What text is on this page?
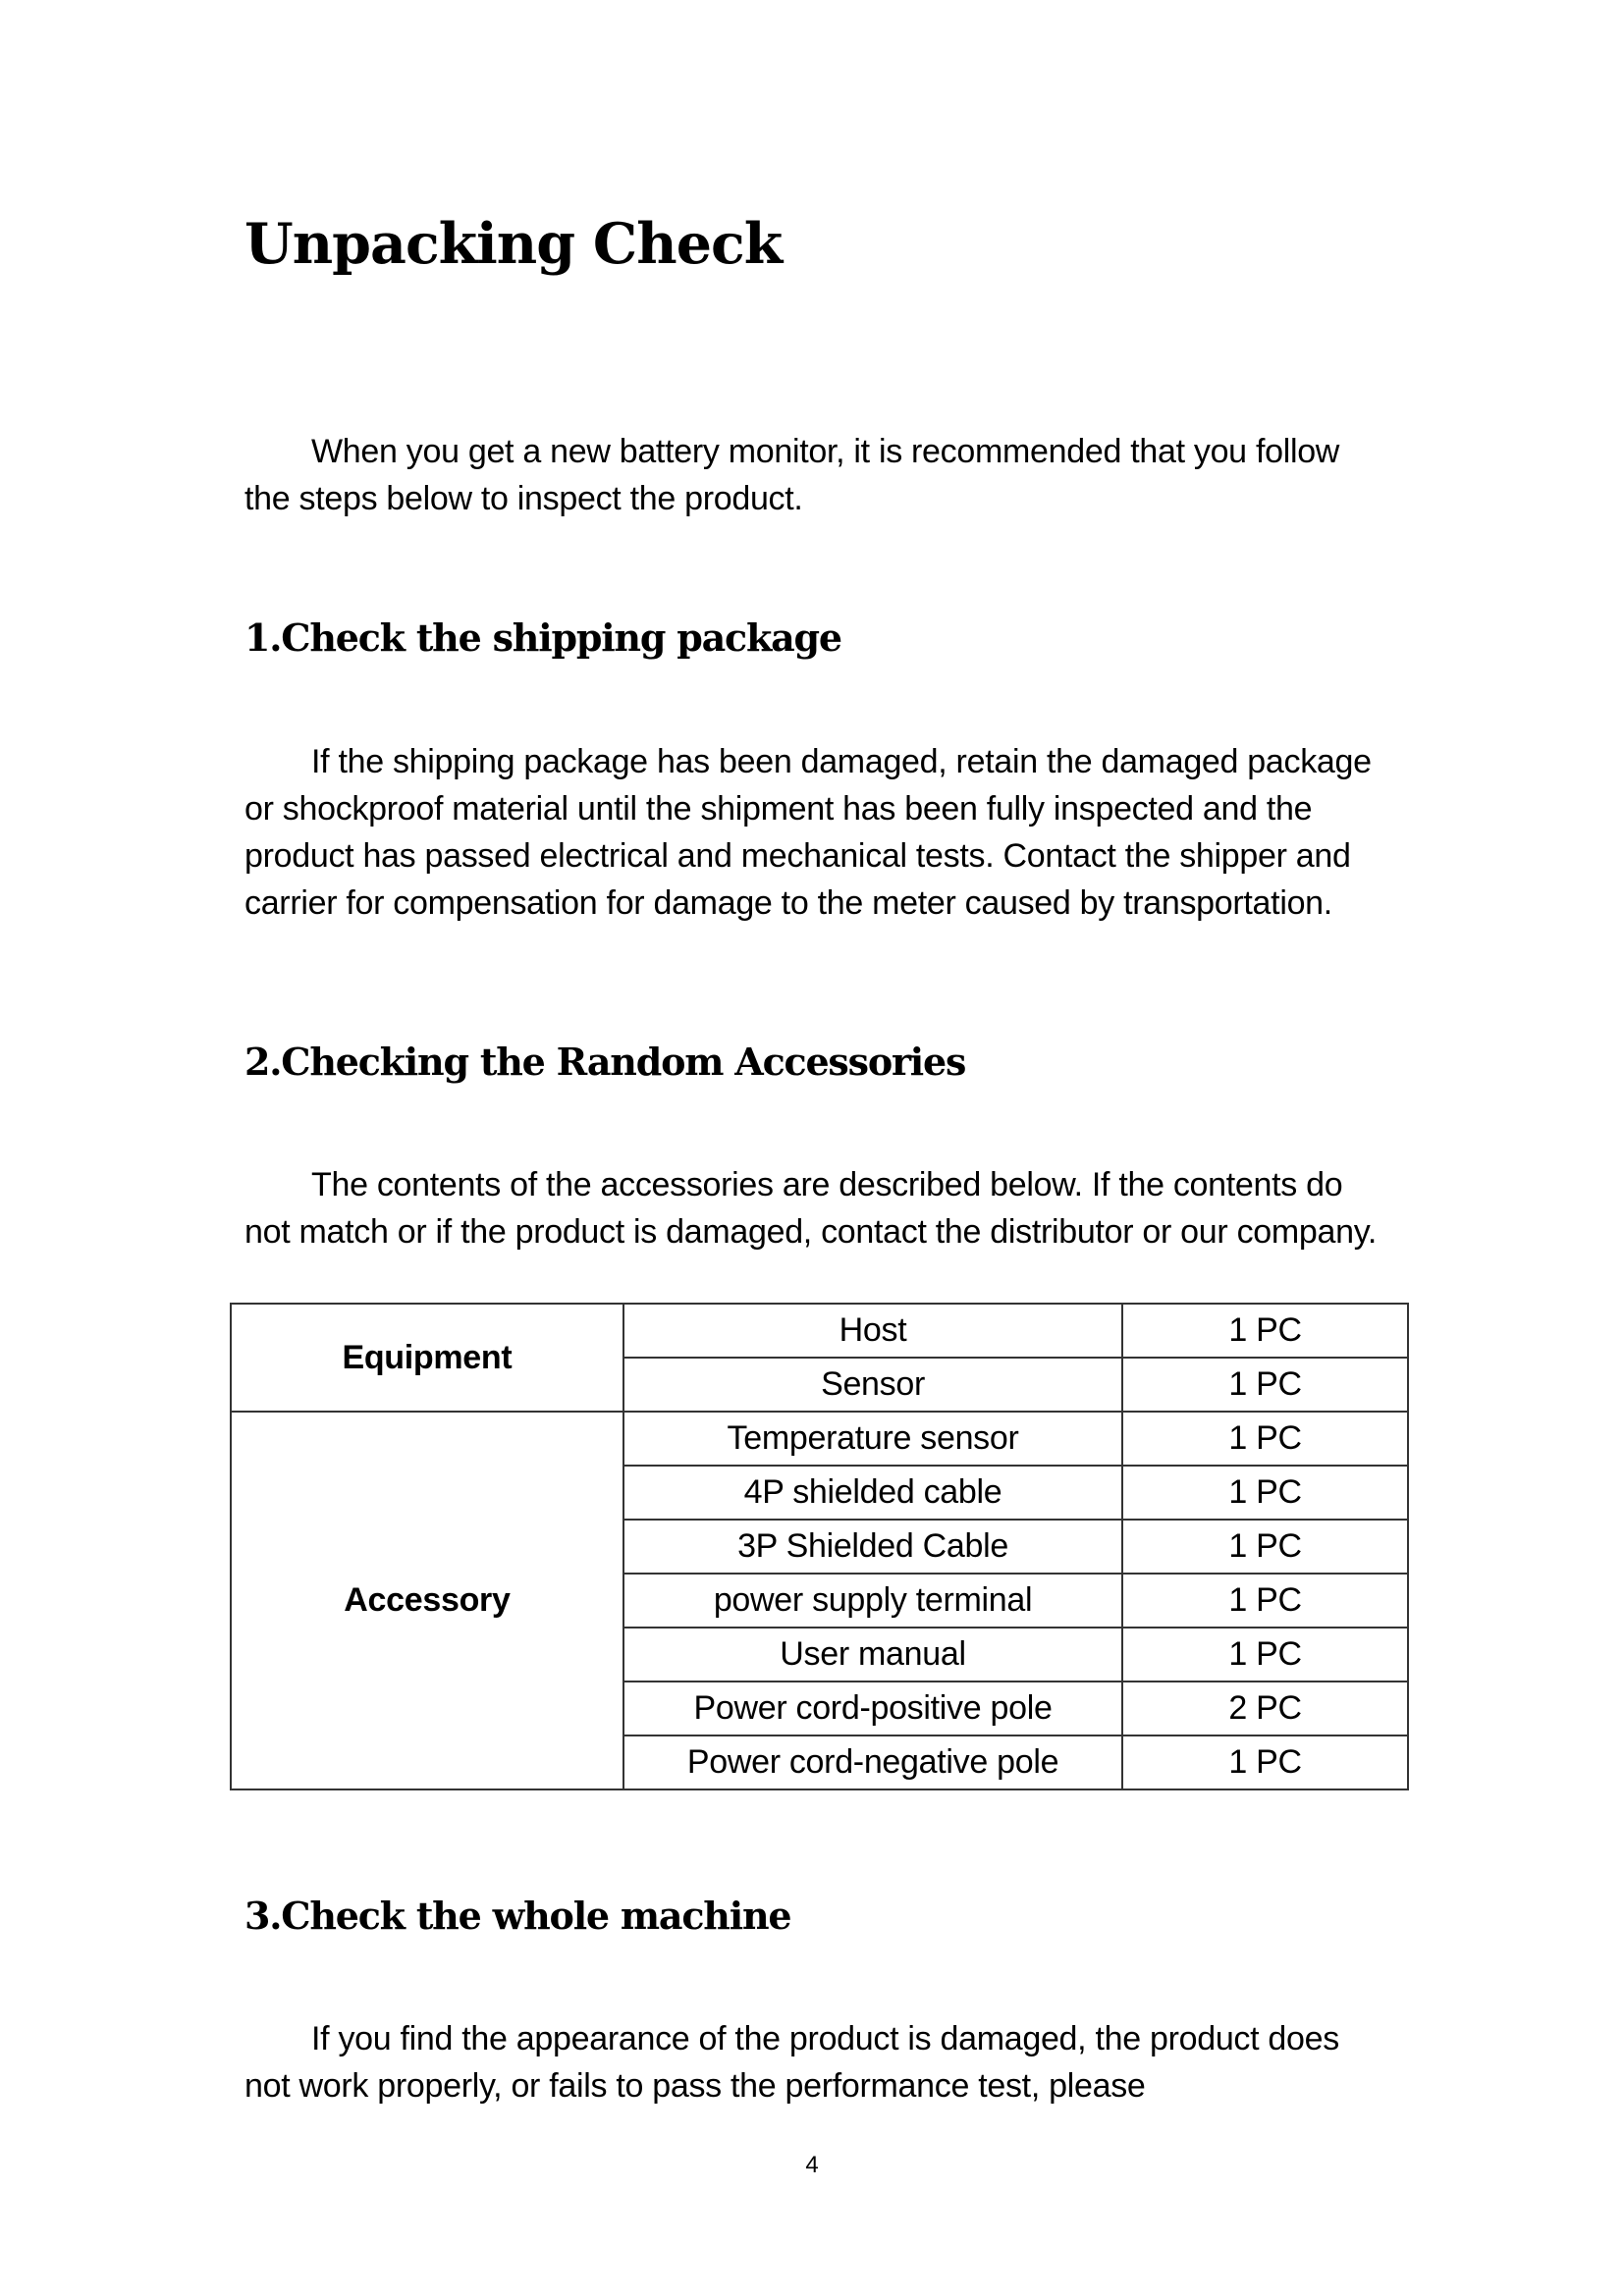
Unpacking Check

When you get a new battery monitor, it is recommended that you follow the steps below to inspect the product.

1.Check the shipping package

If the shipping package has been damaged, retain the damaged package or shockproof material until the shipment has been fully inspected and the product has passed electrical and mechanical tests. Contact the shipper and carrier for compensation for damage to the meter caused by transportation.

2.Checking the Random Accessories

The contents of the accessories are described below. If the contents do not match or if the product is damaged, contact the distributor or our company.

Equipment	Host	1 PC
	Sensor	1 PC
Accessory	Temperature sensor	1 PC
	4P shielded cable	1 PC
	3P Shielded Cable	1 PC
	power supply terminal	1 PC
	User manual	1 PC
	Power cord-positive pole	2 PC
	Power cord-negative pole	1 PC
3.Check the whole machine

If you find the appearance of the product is damaged, the product does not work properly, or fails to pass the performance test, please

4
